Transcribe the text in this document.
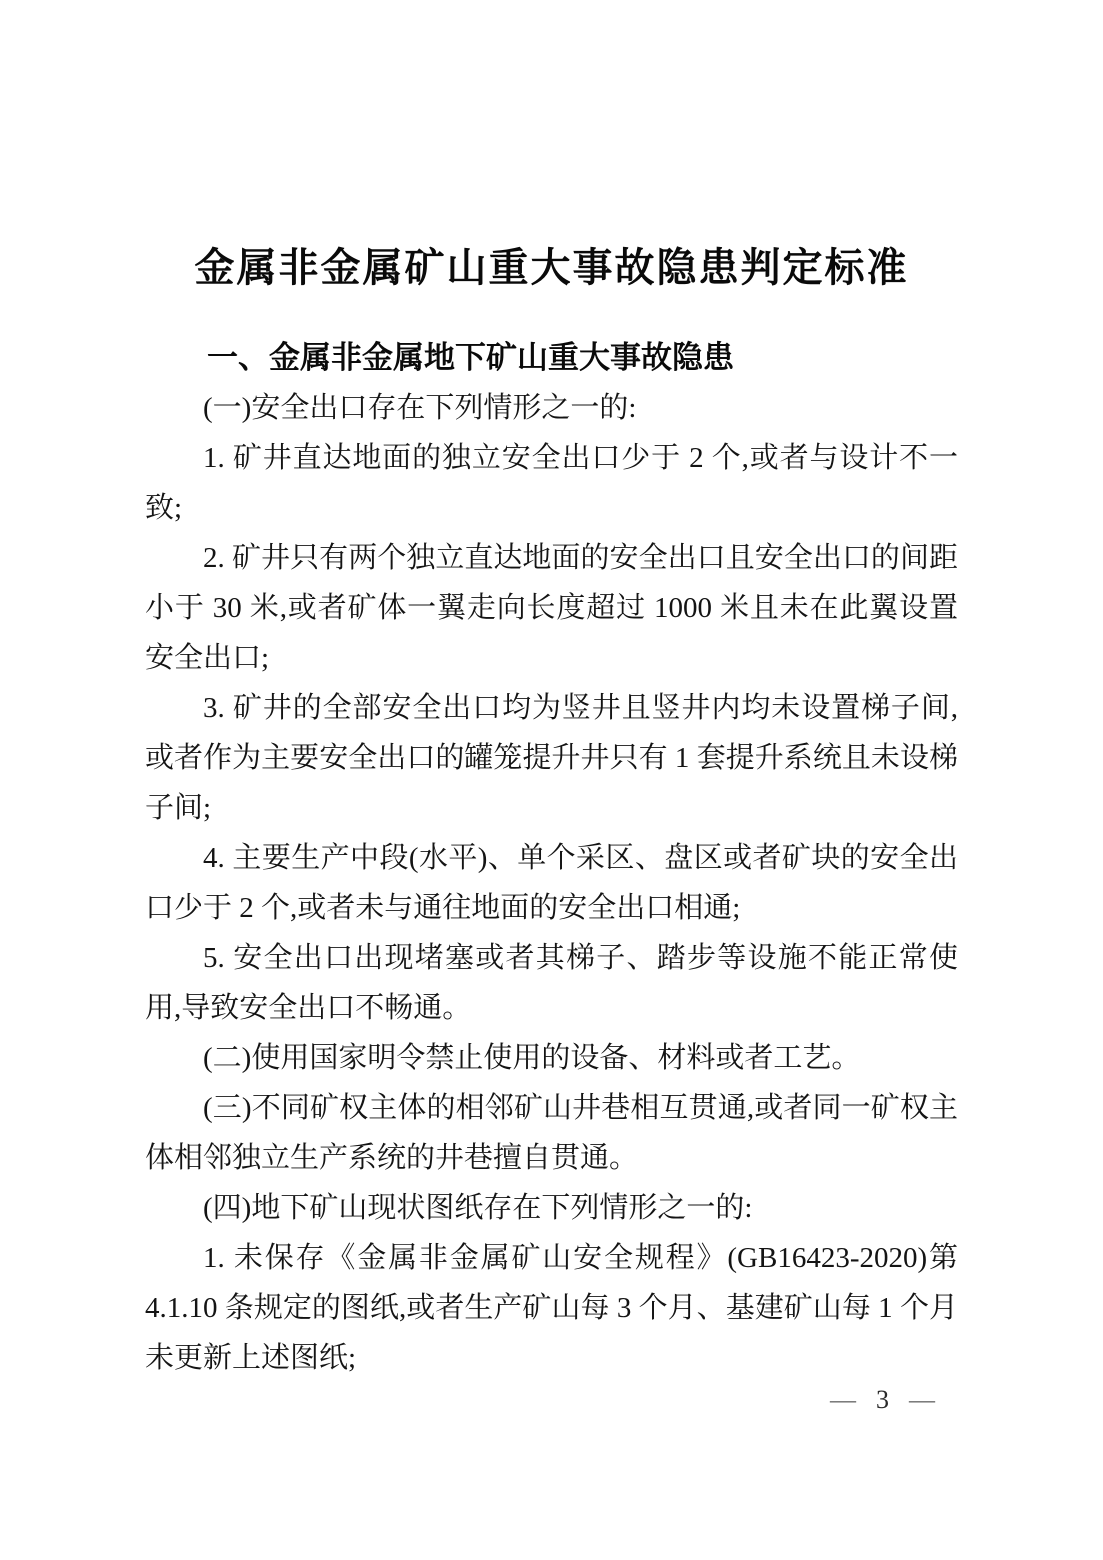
金属非金属矿山重大事故隐患判定标准
一、金属非金属地下矿山重大事故隐患

(一)安全出口存在下列情形之一的:

1. 矿井直达地面的独立安全出口少于 2 个,或者与设计不一致;

2. 矿井只有两个独立直达地面的安全出口且安全出口的间距小于 30 米,或者矿体一翼走向长度超过 1000 米且未在此翼设置安全出口;

3. 矿井的全部安全出口均为竖井且竖井内均未设置梯子间,或者作为主要安全出口的罐笼提升井只有 1 套提升系统且未设梯子间;

4. 主要生产中段(水平)、单个采区、盘区或者矿块的安全出口少于 2 个,或者未与通往地面的安全出口相通;

5. 安全出口出现堵塞或者其梯子、踏步等设施不能正常使用,导致安全出口不畅通。

(二)使用国家明令禁止使用的设备、材料或者工艺。

(三)不同矿权主体的相邻矿山井巷相互贯通,或者同一矿权主体相邻独立生产系统的井巷擅自贯通。

(四)地下矿山现状图纸存在下列情形之一的:

1. 未保存《金属非金属矿山安全规程》(GB16423-2020)第 4.1.10 条规定的图纸,或者生产矿山每 3 个月、基建矿山每 1 个月未更新上述图纸;

— 3 —
